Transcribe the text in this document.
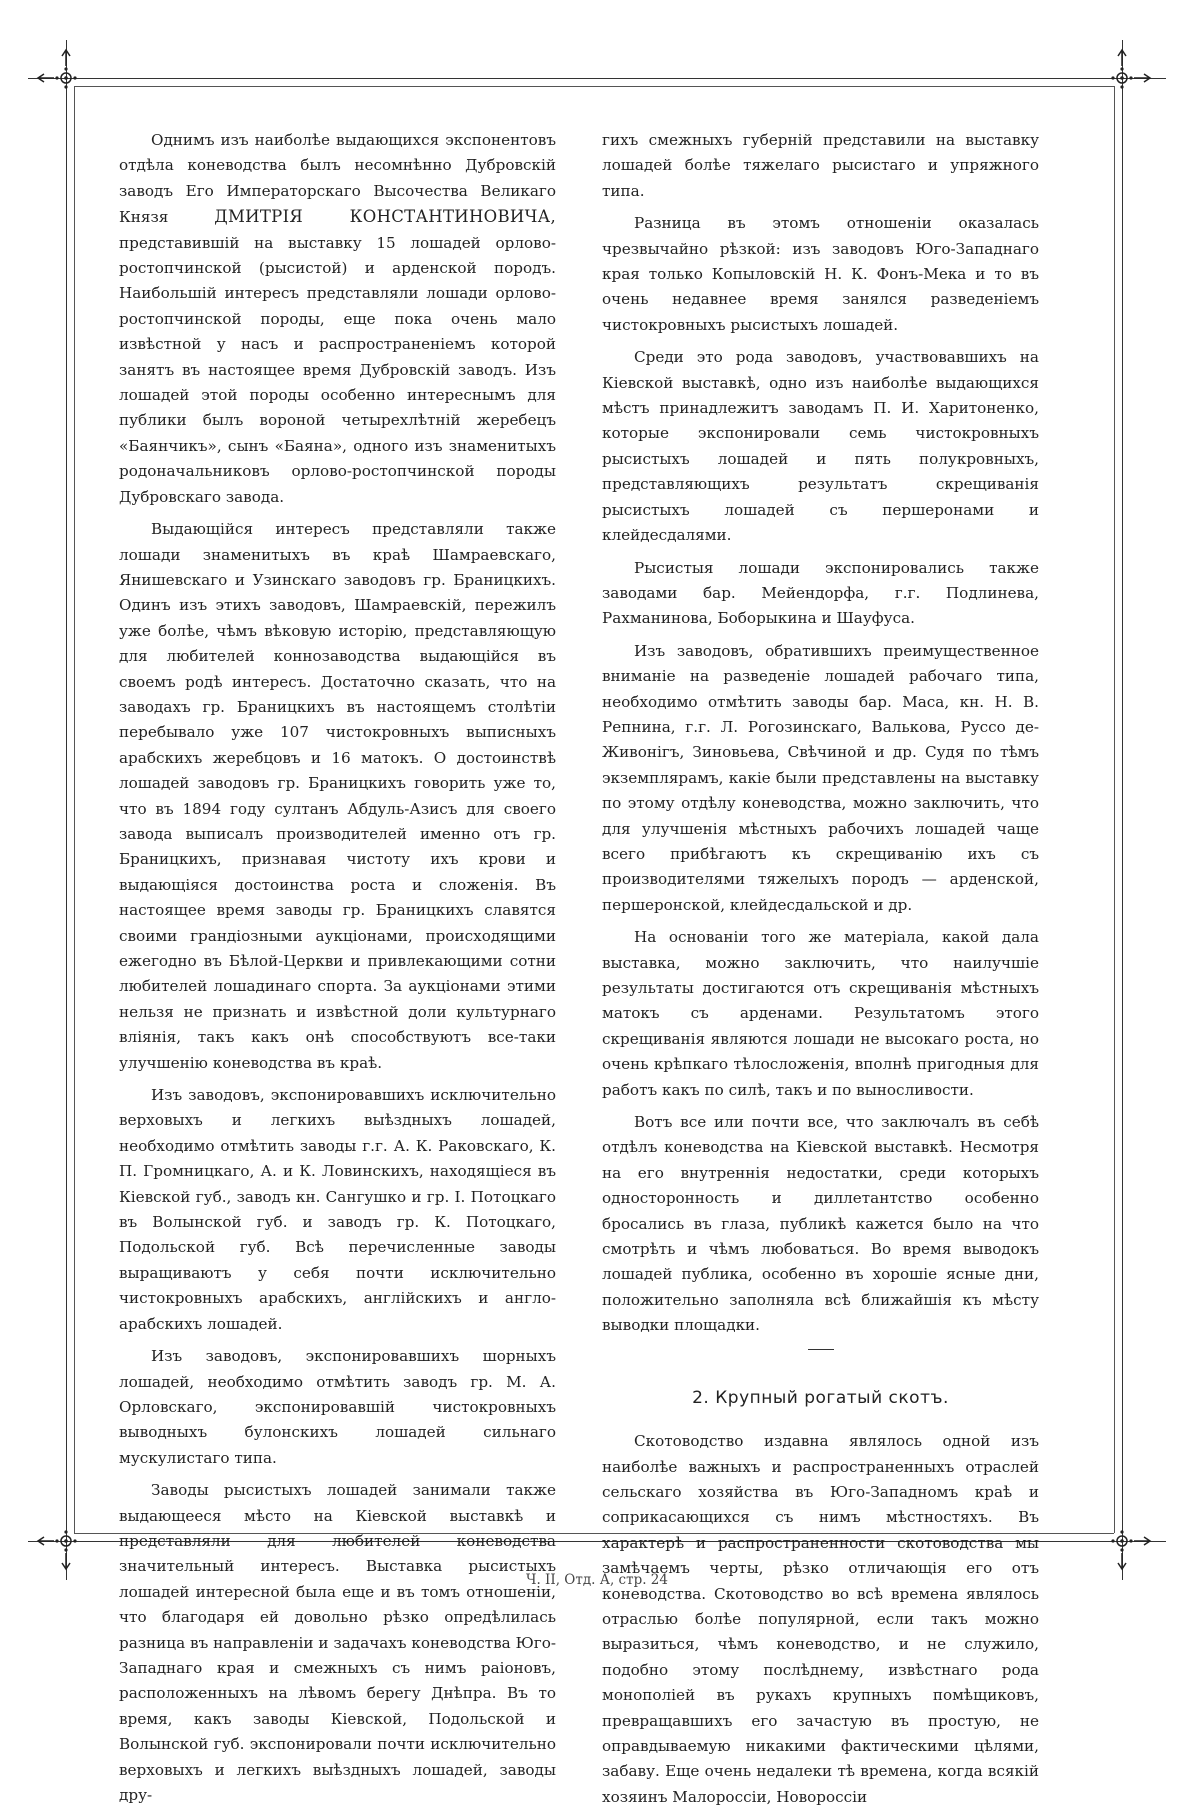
Однимъ изъ наиболѣе выдающихся экспонентовъ отдѣла коневодства былъ несомнѣнно Дубровскій заводъ Его Императорскаго Высочества Великаго Князя	ДМИТРІЯ КОНСТАНТИНОВИЧА, представившій на выставку 15 лошадей орлово-ростопчинской (рысистой) и арденской породъ. Наибольшій интересъ представляли лошади орлово-ростопчинской породы, еще пока очень мало извѣстной у насъ и распространеніемъ которой занятъ въ настоящее время Дубровскій заводъ. Изъ лошадей этой породы особенно интереснымъ для публики былъ вороной четырехлѣтній жеребецъ «Баянчикъ», сынъ «Баяна», одного изъ знаменитыхъ родоначальниковъ орлово-ростопчинской породы Дубровскаго завода.

Выдающійся интересъ представляли также лошади знаменитыхъ въ краѣ Шамраевскаго, Янишевскаго и Узинскаго заводовъ гр. Браницкихъ. Одинъ изъ этихъ заводовъ, Шамраевскій, пережилъ уже болѣе, чѣмъ вѣковую исторію, представляющую для любителей коннозаводства выдающійся въ своемъ родѣ интересъ. Достаточно сказать, что на заводахъ гр. Браницкихъ въ настоящемъ столѣтіи перебывало уже 107 чистокровныхъ выписныхъ арабскихъ жеребцовъ и 16 матокъ. О достоинствѣ лошадей заводовъ гр. Браницкихъ говорить уже то, что въ 1894 году султанъ Абдуль-Азисъ для своего завода выписалъ производителей именно отъ гр. Браницкихъ, признавая чистоту ихъ крови и выдающіяся достоинства роста и сложенія. Въ настоящее время заводы гр. Браницкихъ славятся своими грандіозными аукціонами, происходящими ежегодно въ Бѣлой-Церкви и привлекающими сотни любителей лошадинаго спорта. За аукціонами этими нельзя не признать и извѣстной доли культурнаго вліянія, такъ какъ онѣ способствуютъ все-таки улучшенію коневодства въ краѣ.

Изъ заводовъ, экспонировавшихъ исключительно верховыхъ и легкихъ выѣздныхъ лошадей, необходимо отмѣтить заводы г.г. А. К. Раковскаго, К. П. Громницкаго, А. и К. Ловинскихъ, находящіеся въ Кіевской губ., заводъ кн. Сангушко и гр. І. Потоцкаго въ Волынской губ. и заводъ гр. К. Потоцкаго, Подольской губ. Всѣ перечисленные заводы выращиваютъ у себя почти исключительно чистокровныхъ арабскихъ, англійскихъ и англо-арабскихъ лошадей.

Изъ заводовъ, экспонировавшихъ шорныхъ лошадей, необходимо отмѣтить заводъ гр. М. А. Орловскаго, экспонировавшій чистокровныхъ выводныхъ булонскихъ лошадей сильнаго мускулистаго типа.

Заводы рысистыхъ лошадей занимали также выдающееся мѣсто на Кіевской выставкѣ и представляли для любителей коневодства значительный интересъ. Выставка рысистыхъ лошадей интересной была еще и въ томъ отношеніи, что благодаря ей довольно рѣзко опредѣлилась разница въ направленіи и задачахъ коневодства Юго-Западнаго края и смежныхъ съ нимъ раіоновъ, расположенныхъ на лѣвомъ берегу Днѣпра. Въ то время, какъ заводы Кіевской, Подольской и Волынской губ. экспонировали почти исключительно верховыхъ и легкихъ выѣздныхъ лошадей, заводы дру-

гихъ смежныхъ губерній представили на выставку лошадей болѣе тяжелаго рысистаго и упряжного типа.

Разница въ этомъ отношеніи оказалась чрезвычайно рѣзкой: изъ заводовъ Юго-Западнаго края только Копыловскій Н. К. Фонъ-Мека и то въ очень недавнее время занялся разведеніемъ чистокровныхъ рысистыхъ лошадей.

Среди это рода заводовъ, участвовавшихъ на Кіевской выставкѣ, одно изъ наиболѣе выдающихся мѣстъ принадлежитъ заводамъ П. И. Харитоненко, которые экспонировали семь чистокровныхъ рысистыхъ лошадей и пять полукровныхъ, представляющихъ результатъ скрещиванія рысистыхъ лошадей съ першеронами и клейдесдалями.

Рысистыя лошади экспонировались также заводами бар. Мейендорфа, г.г. Подлинева, Рахманинова, Боборыкина и Шауфуса.

Изъ заводовъ, обратившихъ преимущественное вниманіе на разведеніе лошадей рабочаго типа, необходимо отмѣтить заводы бар. Маса, кн. Н. В. Репнина, г.г. Л. Рогозинскаго, Валькова, Руссо де-Живонігъ, Зиновьева, Свѣчиной и др. Судя по тѣмъ экземплярамъ, какіе были представлены на выставку по этому отдѣлу коневодства, можно заключить, что для улучшенія мѣстныхъ рабочихъ лошадей чаще всего прибѣгаютъ къ скрещиванію ихъ съ производителями тяжелыхъ породъ — арденской, першеронской, клейдесдальской и др.

На основаніи того же матеріала, какой дала выставка, можно заключить, что наилучшіе результаты достигаются отъ скрещиванія мѣстныхъ матокъ съ арденами. Результатомъ этого скрещиванія являются лошади не высокаго роста, но очень крѣпкаго тѣлосложенія, вполнѣ пригодныя для работъ какъ по силѣ, такъ и по выносливости.

Вотъ все или почти все, что заключалъ въ себѣ отдѣлъ коневодства на Кіевской выставкѣ. Несмотря на его внутреннія недостатки, среди которыхъ односторонность и диллетантство особенно бросались въ глаза, публикѣ кажется было на что смотрѣть и чѣмъ любоваться. Во время выводокъ лошадей публика, особенно въ хорошіе ясные дни, положительно заполняла всѣ ближайшія къ мѣсту выводки площадки.

2. Крупный рогатый скотъ.

Скотоводство издавна являлось одной изъ наиболѣе важныхъ и распространенныхъ отраслей сельскаго хозяйства въ Юго-Западномъ краѣ и соприкасающихся съ нимъ мѣстностяхъ. Въ характерѣ и распространенности скотоводства мы замѣчаемъ черты, рѣзко отличающія его отъ коневодства. Скотоводство во всѣ времена являлось отраслью болѣе популярной, если такъ можно выразиться, чѣмъ коневодство, и не служило, подобно этому послѣднему, извѣстнаго рода монополіей въ рукахъ крупныхъ помѣщиковъ, превращавшихъ его зачастую въ простую, не оправдываемую никакими фактическими цѣлями, забаву. Еще очень недалеки тѣ времена, когда всякій хозяинъ Малороссіи, Новороссіи

Ч. II, Отд. А, стр. 24
